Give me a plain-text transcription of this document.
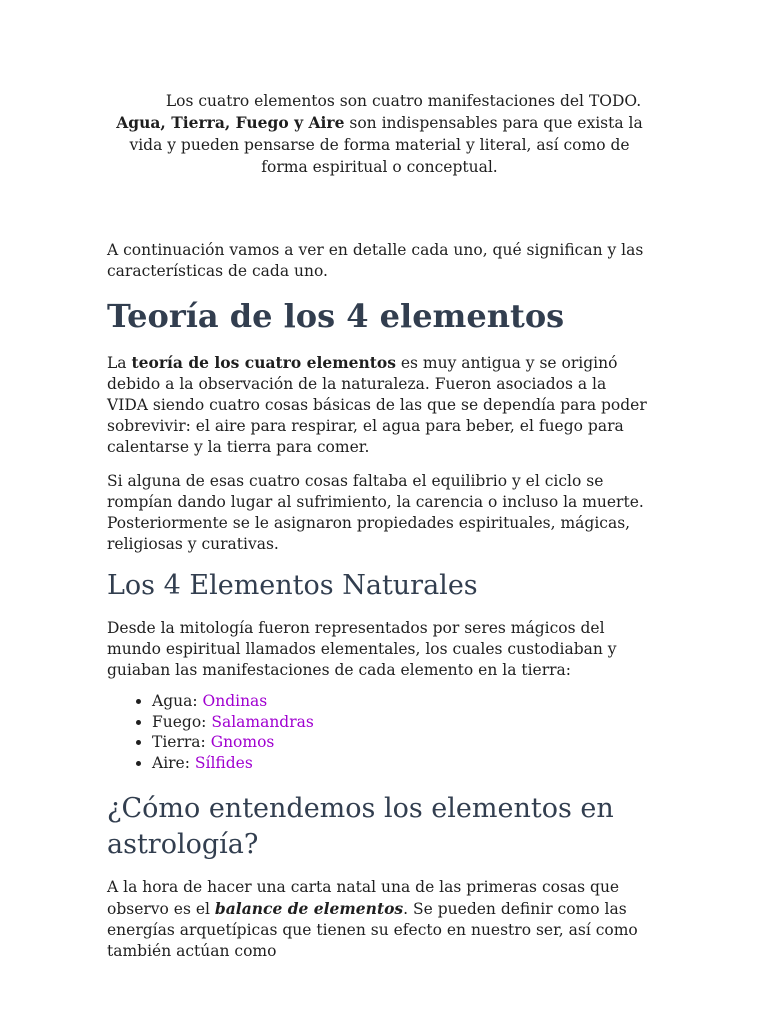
Los cuatro elementos son cuatro manifestaciones del TODO. Agua, Tierra, Fuego y Aire son indispensables para que exista la vida y pueden pensarse de forma material y literal, así como de forma espiritual o conceptual.

A continuación vamos a ver en detalle cada uno, qué significan y las características de cada uno.

Teoría de los 4 elementos

La teoría de los cuatro elementos es muy antigua y se originó debido a la observación de la naturaleza. Fueron asociados a la VIDA siendo cuatro cosas básicas de las que se dependía para poder sobrevivir: el aire para respirar, el agua para beber, el fuego para calentarse y la tierra para comer.

Si alguna de esas cuatro cosas faltaba el equilibrio y el ciclo se rompían dando lugar al sufrimiento, la carencia o incluso la muerte. Posteriormente se le asignaron propiedades espirituales, mágicas, religiosas y curativas.

Los 4 Elementos Naturales

Desde la mitología fueron representados por seres mágicos del mundo espiritual llamados elementales, los cuales custodiaban y guiaban las manifestaciones de cada elemento en la tierra:

• Agua: Ondinas
• Fuego: Salamandras
• Tierra: Gnomos
• Aire: Sílfides
¿Cómo entendemos los elementos en astrología?

A la hora de hacer una carta natal una de las primeras cosas que observo es el balance de elementos. Se pueden definir como las energías arquetípicas que tienen su efecto en nuestro ser, así como también actúan como
